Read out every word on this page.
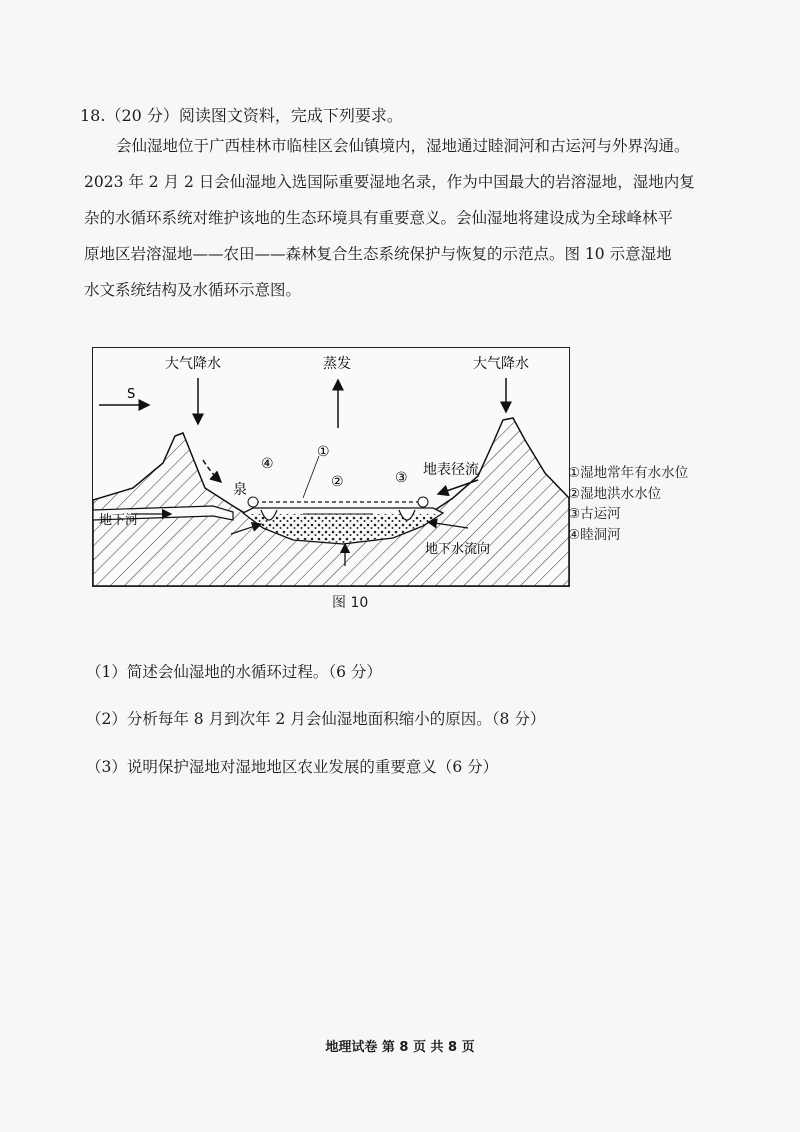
18.（20 分）阅读图文资料，完成下列要求。

会仙湿地位于广西桂林市临桂区会仙镇境内，湿地通过睦洞河和古运河与外界沟通。

2023 年 2 月 2 日会仙湿地入选国际重要湿地名录，作为中国最大的岩溶湿地，湿地内复

杂的水循环系统对维护该地的生态环境具有重要意义。会仙湿地将建设成为全球峰林平

原地区岩溶湿地——农田——森林复合生态系统保护与恢复的示范点。图 10 示意湿地

水文系统结构及水循环示意图。

大气降水	蒸发	大气降水
S
泉
地下河
地表径流
地下水流向
④
①
②	③	①湿地常年有水水位
②湿地洪水水位
③古运河
④睦洞河
图 10
（1）简述会仙湿地的水循环过程。（6 分）
（2）分析每年 8 月到次年 2 月会仙湿地面积缩小的原因。（8 分）
（3）说明保护湿地对湿地地区农业发展的重要意义（6 分）
地理试卷 第 8 页 共 8 页
